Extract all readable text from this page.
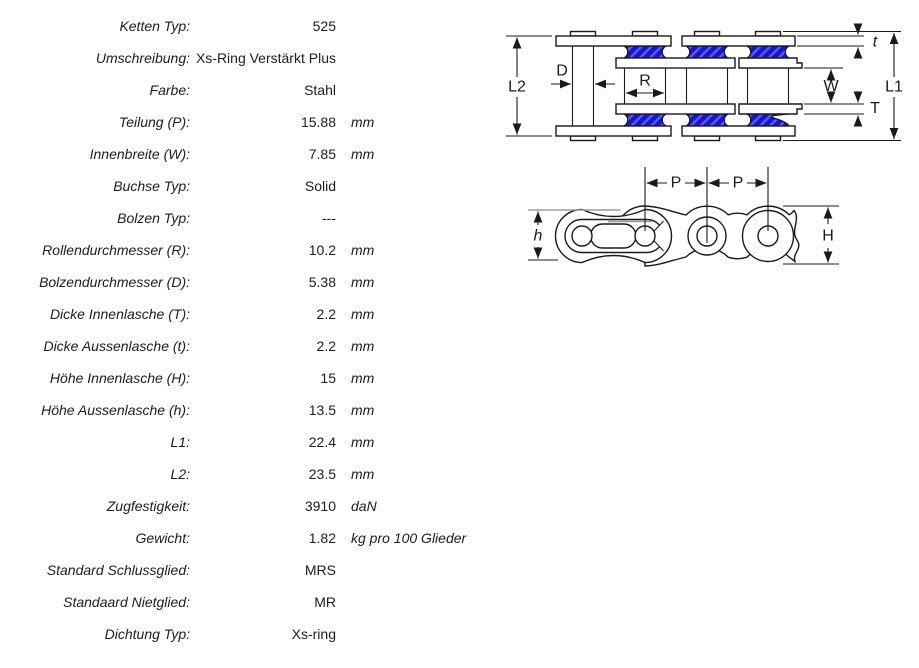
Ketten Typ:	525
Umschreibung: Xs-Ring Verstärkt Plus
Farbe:	Stahl
Teilung (P):	15.88	mm
Innenbreite (W):	7.85	mm
Buchse Typ:	Solid
Bolzen Typ:	---
Rollendurchmesser (R):	10.2	mm
Bolzendurchmesser (D):	5.38	mm
Dicke Innenlasche (T):	2.2	mm
Dicke Aussenlasche (t):	2.2	mm
Höhe Innenlasche (H):	15	mm
Höhe Aussenlasche (h):	13.5	mm
L1:	22.4	mm
L2:	23.5	mm
Zugfestigkeit:	3910	daN
Gewicht:	1.82	kg pro 100 Glieder
Standard Schlussglied:	MRS
Standaard Nietglied:	MR
Dichtung Typ:	Xs-ring
L2
D
R
t
W
T
L1
P	P
h	H
